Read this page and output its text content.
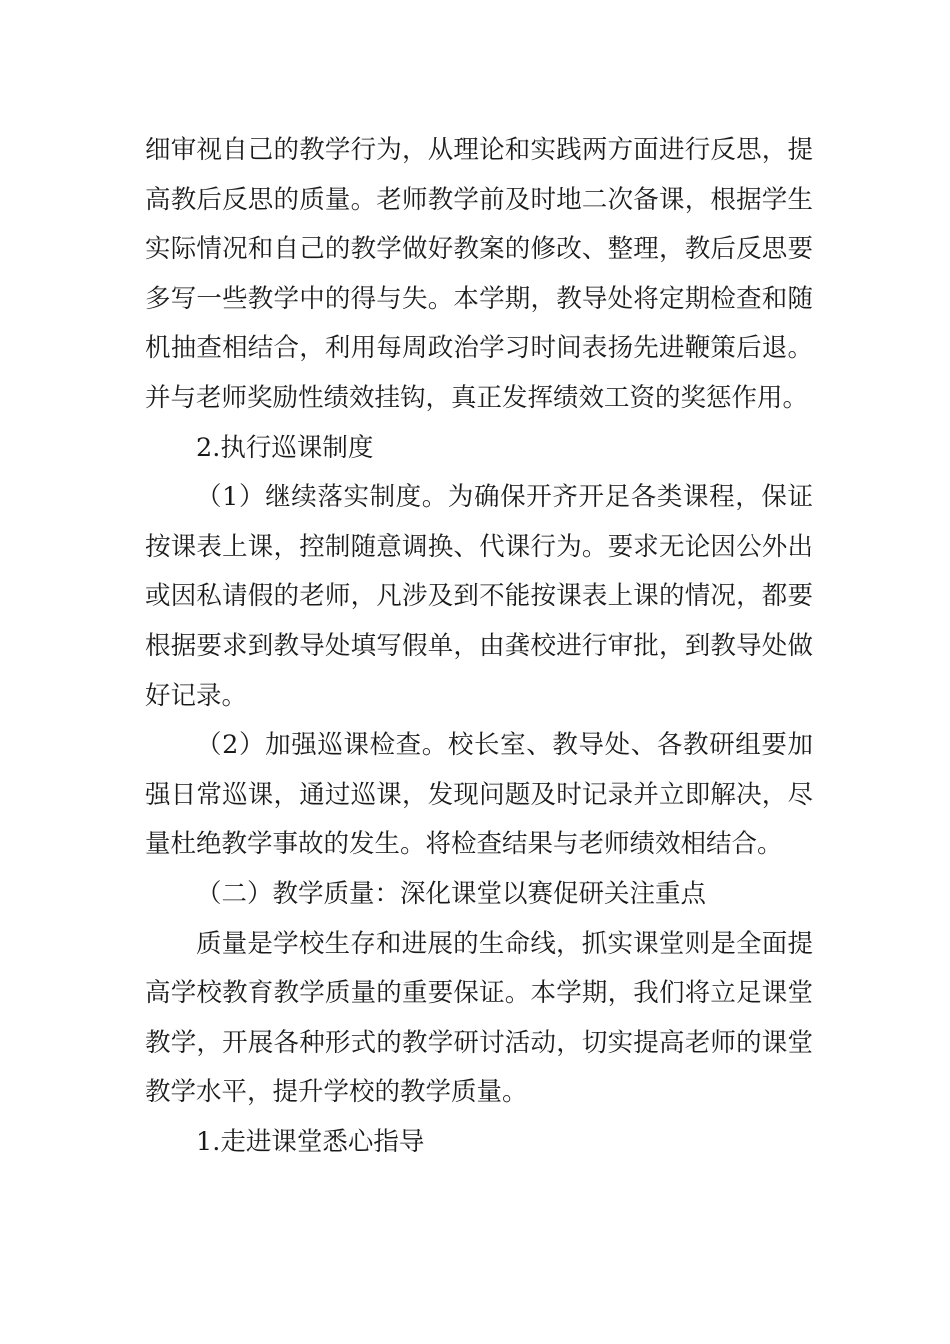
细审视自己的教学行为，从理论和实践两方面进行反思，提高教后反思的质量。老师教学前及时地二次备课，根据学生实际情况和自己的教学做好教案的修改、整理，教后反思要多写一些教学中的得与失。本学期，教导处将定期检查和随机抽查相结合，利用每周政治学习时间表扬先进鞭策后退。并与老师奖励性绩效挂钩，真正发挥绩效工资的奖惩作用。

2.执行巡课制度

（1）继续落实制度。为确保开齐开足各类课程，保证按课表上课，控制随意调换、代课行为。要求无论因公外出或因私请假的老师，凡涉及到不能按课表上课的情况，都要根据要求到教导处填写假单，由龚校进行审批，到教导处做好记录。

（2）加强巡课检查。校长室、教导处、各教研组要加强日常巡课，通过巡课，发现问题及时记录并立即解决，尽量杜绝教学事故的发生。将检查结果与老师绩效相结合。

（二）教学质量：深化课堂以赛促研关注重点

质量是学校生存和进展的生命线，抓实课堂则是全面提高学校教育教学质量的重要保证。本学期，我们将立足课堂教学，开展各种形式的教学研讨活动，切实提高老师的课堂教学水平，提升学校的教学质量。

1.走进课堂悉心指导
